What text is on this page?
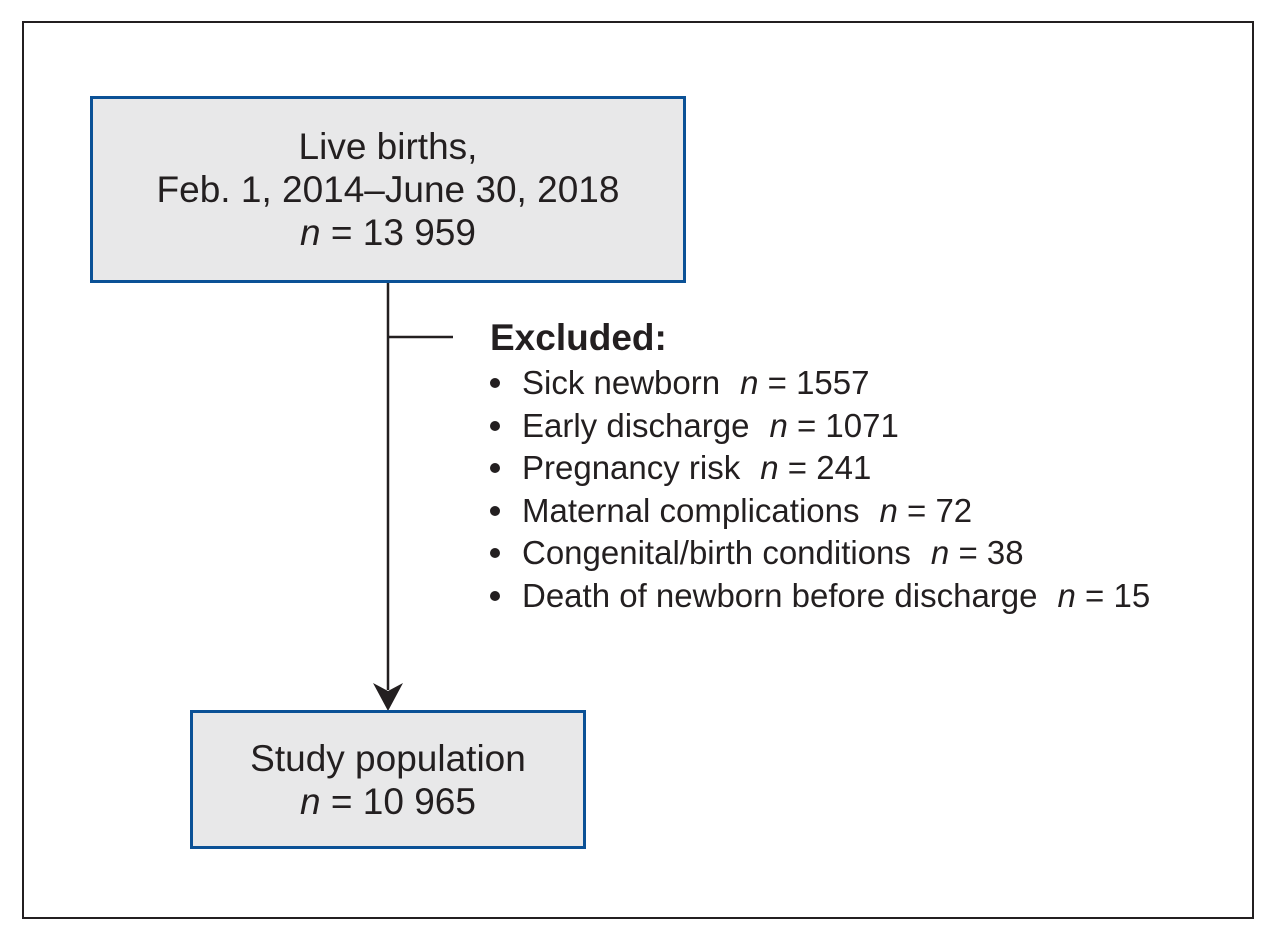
Live births,
Feb. 1, 2014–June 30, 2018
n = 13 959
Excluded:
Sick newborn n = 1557
Early discharge n = 1071
Pregnancy risk n = 241
Maternal complications n = 72
Congenital/birth conditions n = 38
Death of newborn before discharge n = 15
Study population
n = 10 965
